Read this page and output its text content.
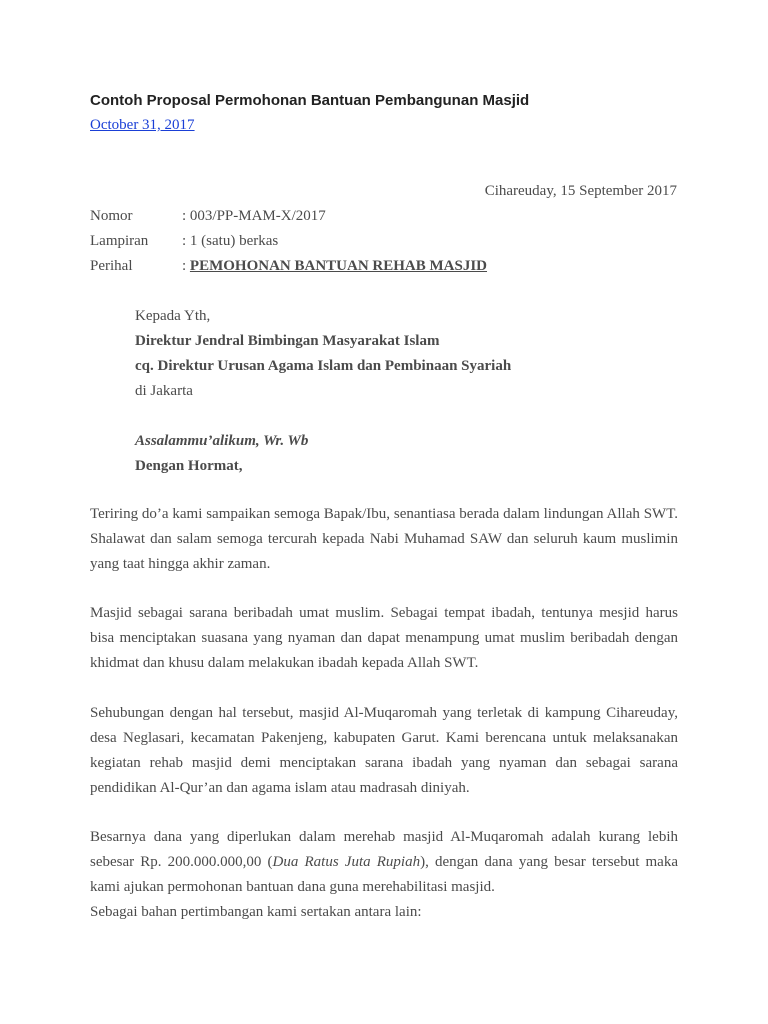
Contoh Proposal Permohonan Bantuan Pembangunan Masjid
October 31, 2017
Cihareuday, 15 September 2017
Nomor	: 003/PP-MAM-X/2017
Lampiran : 1 (satu) berkas
Perihal	: PEMOHONAN BANTUAN REHAB MASJID
Kepada Yth,
Direktur Jendral Bimbingan Masyarakat Islam
cq. Direktur Urusan Agama Islam dan Pembinaan Syariah
di Jakarta
Assalammu’alikum, Wr. Wb
Dengan Hormat,

Teriring do’a kami sampaikan semoga Bapak/Ibu, senantiasa berada dalam lindungan Allah SWT. Shalawat dan salam semoga tercurah kepada Nabi Muhamad SAW dan seluruh kaum muslimin yang taat hingga akhir zaman.

Masjid sebagai sarana beribadah umat muslim. Sebagai tempat ibadah, tentunya mesjid harus bisa menciptakan suasana yang nyaman dan dapat menampung umat muslim beribadah dengan khidmat dan khusu dalam melakukan ibadah kepada Allah SWT.

Sehubungan dengan hal tersebut, masjid Al-Muqaromah yang terletak di kampung Cihareuday, desa Neglasari, kecamatan Pakenjeng, kabupaten Garut. Kami berencana untuk melaksanakan kegiatan rehab masjid demi menciptakan sarana ibadah yang nyaman dan sebagai sarana pendidikan Al-Qur’an dan agama islam atau madrasah diniyah.

Besarnya dana yang diperlukan dalam merehab masjid Al-Muqaromah adalah kurang lebih sebesar Rp. 200.000.000,00 (Dua Ratus Juta Rupiah), dengan dana yang besar tersebut maka kami ajukan permohonan bantuan dana guna merehabilitasi masjid.
Sebagai bahan pertimbangan kami sertakan antara lain:
